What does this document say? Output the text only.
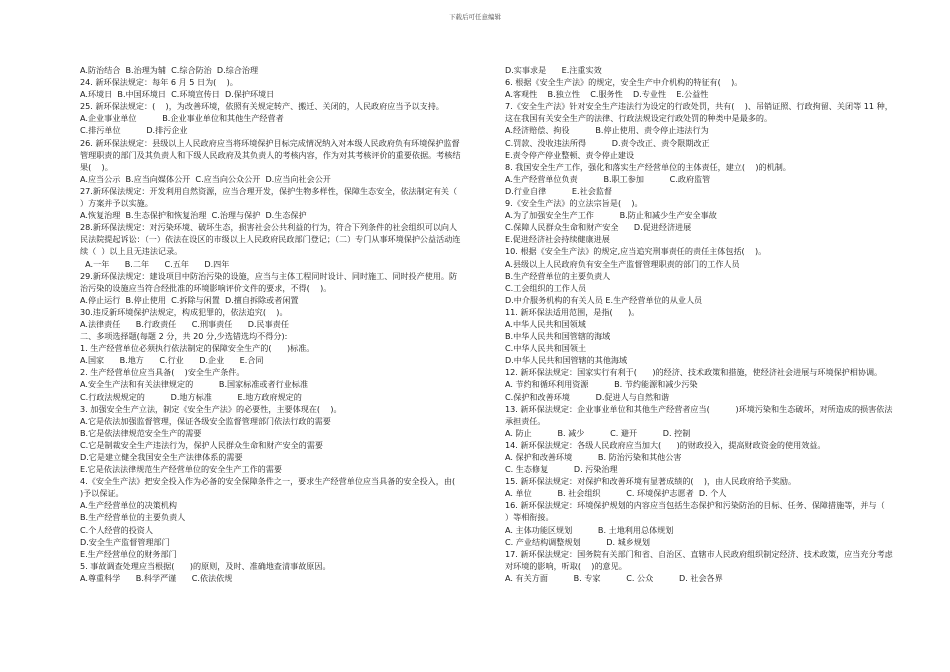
下载后可任意编辑
A.防治结合  B.治理为辅  C.综合防治  D.综合治理
24. 新环保法规定：每年 6 月 5 日为(    )。
A.环境日  B.中国环境日  C.环境宣传日  D.保护环境日
25. 新环保法规定：(    )，为改善环境，依照有关规定转产、搬迁、关闭的，人民政府应当予以支持。
A.企业事业单位          B.企业事业单位和其他生产经营者
C.排污单位          D.排污企业
26. 新环保法规定：县级以上人民政府应当将环境保护目标完成情况纳入对本级人民政府负有环境保护监督管理职责的部门及其负责人和下级人民政府及其负责人的考核内容，作为对其考核评价的重要依据。考核结果(    )。
A.应当公示  B.应当向媒体公开  C.应当向公众公开  D.应当向社会公开
27.新环保法规定：开发利用自然资源，应当合理开发，保护生物多样性，保障生态安全，依法制定有关（    ）方案并予以实施。
A.恢复治理  B.生态保护和恢复治理  C.治理与保护  D.生态保护
28.新环保法规定：对污染环境、破坏生态，损害社会公共利益的行为，符合下列条件的社会组织可以向人民法院提起诉讼：（一）依法在设区的市级以上人民政府民政部门登记；（二）专门从事环境保护公益活动连续（  ）以上且无违法记录。
A.一年      B.二年      C.五年      D.四年
29.新环保法规定：建设项目中防治污染的设施，应当与主体工程同时设计、同时施工、同时投产使用。防治污染的设施应当符合经批准的环境影响评价文件的要求，不得(    )。
A.停止运行  B.停止使用  C.拆除与闲置  D.擅自拆除或者闲置
30.违反新环境保护法规定，构成犯罪的，依法追究(    )。
A.法律责任      B.行政责任      C.刑事责任      D.民事责任
二、多项选择题(每题 2 分，共 20 分,少选错选均不得分):
1. 生产经营单位必须执行依法制定的保障安全生产的(      )标准。
A.国家      B.地方      C.行业      D.企业      E.合同
2. 生产经营单位应当具备(    )安全生产条件。
A.安全生产法和有关法律规定的          B.国家标准或者行业标准
C.行政法规规定的          D.地方标准          E.地方政府规定的
3. 加强安全生产立法，制定《安全生产法》的必要性，主要体现在(    )。
A.它是依法加强监督管理，保证各级安全监督管理部门依法行政的需要
B.它是依法律规范安全生产的需要
C.它是制裁安全生产违法行为，保护人民群众生命和财产安全的需要
D.它是建立健全我国安全生产法律体系的需要
E.它是依法法律规范生产经营单位的安全生产工作的需要
4.《安全生产法》把安全投入作为必备的安全保障条件之一，要求生产经营单位应当具备的安全投入，由(      )予以保证。
A.生产经营单位的决策机构
B.生产经营单位的主要负责人
C.个人经营的投资人
D.安全生产监督管理部门
E.生产经营单位的财务部门
5. 事故调查处理应当根据(      )的原则，及时、准确地查清事故原因。
A.尊重科学      B.科学严谨      C.依法依规
D.实事求是      E.注重实效
6. 根据《安全生产法》的规定，安全生产中介机构的特征有(    )。
A.客观性    B.独立性    C.服务性    D.专业性    E.公益性
7.《安全生产法》针对安全生产违法行为设定的行政处罚，共有(    )、吊销证照、行政拘留、关闭等 11 种，这在我国有关安全生产的法律、行政法规设定行政处罚的种类中是最多的。
A.经济赔偿、拘役          B.停止使用、责令停止违法行为
C.罚款、没收违法所得          D.责令改正、责令限期改正
E.责令停产停业整顿、责令停止建设
8. 我国安全生产工作，强化和落实生产经营单位的主体责任，建立(    )的机制。
A.生产经营单位负责          B.职工参加          C.政府监管
D.行业自律          E.社会监督
9.《安全生产法》的立法宗旨是(    )。
A.为了加强安全生产工作          B.防止和减少生产安全事故
C.保障人民群众生命和财产安全      D.促进经济进展
E.促进经济社会持续健康进展
10. 根据《安全生产法》的规定,应当追究刑事责任的责任主体包括(    )。
A.县级以上人民政府负有安全生产监督管理职责的部门的工作人员
B.生产经营单位的主要负责人
C.工会组织的工作人员
D.中介服务机构的有关人员 E.生产经营单位的从业人员
11. 新环保法适用范围，是指(      )。
A.中华人民共和国领域
B.中华人民共和国管辖的海域
C.中华人民共和国领土
D.中华人民共和国管辖的其他海域
12. 新环保法规定：国家实行有利于(      )的经济、技术政策和措施，使经济社会进展与环境保护相协调。
A. 节约和循环利用资源          B. 节约能源和减少污染
C.保护和改善环境          D.促进人与自然和谐
13. 新环保法规定：企业事业单位和其他生产经营者应当(          )环境污染和生态破坏，对所造成的损害依法承担责任。
A. 防止          B. 减少          C. 避开          D. 控制
14. 新环保法规定：各级人民政府应当加大(      )的财政投入，提高财政资金的使用效益。
A. 保护和改善环境          B. 防治污染和其他公害
C. 生态修复          D. 污染治理
15. 新环保法规定：对保护和改善环境有显著成绩的(    )，由人民政府给予奖励。
A. 单位          B. 社会组织          C. 环境保护志愿者  D. 个人
16. 新环保法规定：环境保护规划的内容应当包括生态保护和污染防治的目标、任务、保障措施等，并与（          ）等相衔接。
A. 主体功能区规划          B. 土地利用总体规划
C. 产业结构调整规划          D. 城乡规划
17. 新环保法规定：国务院有关部门和省、自治区、直辖市人民政府组织制定经济、技术政策，应当充分考虑对环境的影响，听取(    )的意见。
A. 有关方面          B. 专家          C. 公众          D. 社会各界
